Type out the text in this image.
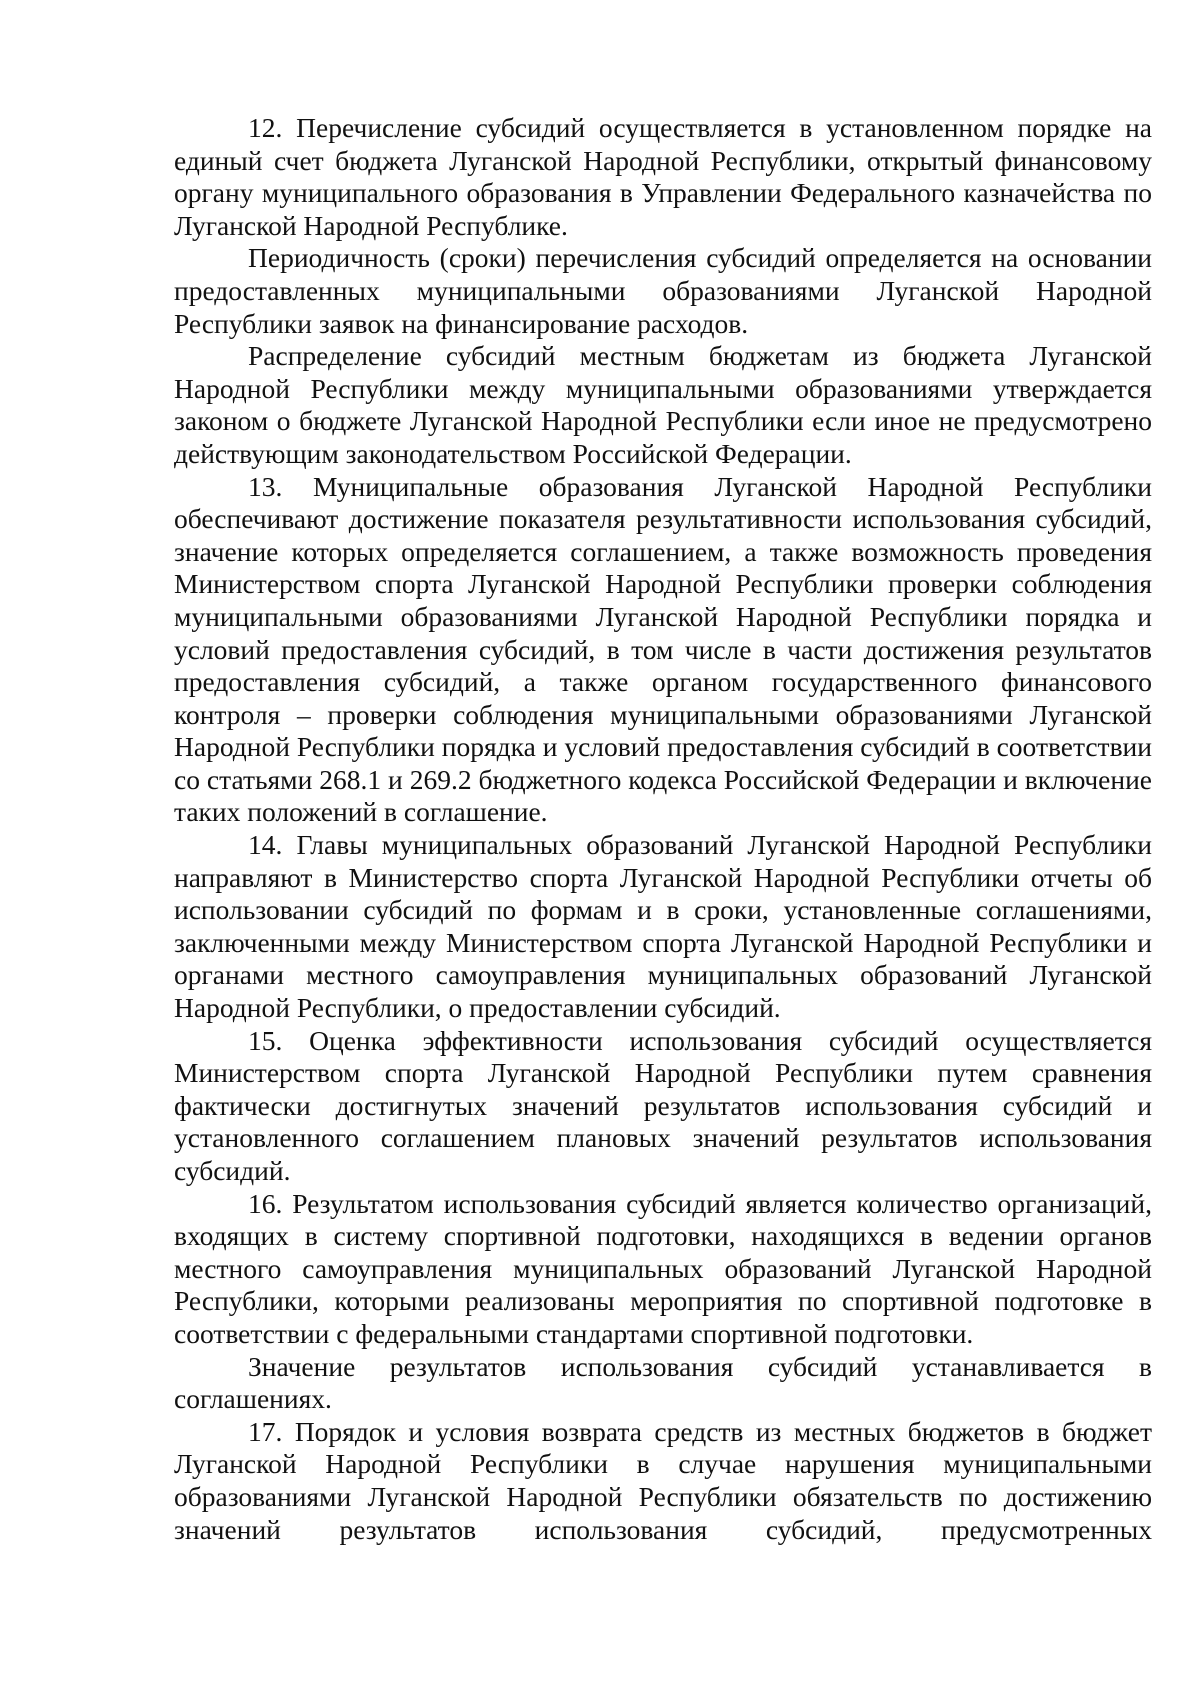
12. Перечисление субсидий осуществляется в установленном порядке на единый счет бюджета Луганской Народной Республики, открытый финансовому органу муниципального образования в Управлении Федерального казначейства по Луганской Народной Республике.

Периодичность (сроки) перечисления субсидий определяется на основании предоставленных муниципальными образованиями Луганской Народной Республики заявок на финансирование расходов.

Распределение субсидий местным бюджетам из бюджета Луганской Народной Республики между муниципальными образованиями утверждается законом о бюджете Луганской Народной Республики если иное не предусмотрено действующим законодательством Российской Федерации.

13. Муниципальные образования Луганской Народной Республики обеспечивают достижение показателя результативности использования субсидий, значение которых определяется соглашением, а также возможность проведения Министерством спорта Луганской Народной Республики проверки соблюдения муниципальными образованиями Луганской Народной Республики порядка и условий предоставления субсидий, в том числе в части достижения результатов предоставления субсидий, а также органом государственного финансового контроля – проверки соблюдения муниципальными образованиями Луганской Народной Республики порядка и условий предоставления субсидий в соответствии со статьями 268.1 и 269.2 бюджетного кодекса Российской Федерации и включение таких положений в соглашение.

14. Главы муниципальных образований Луганской Народной Республики направляют в Министерство спорта Луганской Народной Республики отчеты об использовании субсидий по формам и в сроки, установленные соглашениями, заключенными между Министерством спорта Луганской Народной Республики и органами местного самоуправления муниципальных образований Луганской Народной Республики, о предоставлении субсидий.

15. Оценка эффективности использования субсидий осуществляется Министерством спорта Луганской Народной Республики путем сравнения фактически достигнутых значений результатов использования субсидий и установленного соглашением плановых значений результатов использования субсидий.

16. Результатом использования субсидий является количество организаций, входящих в систему спортивной подготовки, находящихся в ведении органов местного самоуправления муниципальных образований Луганской Народной Республики, которыми реализованы мероприятия по спортивной подготовке в соответствии с федеральными стандартами спортивной подготовки.

Значение результатов использования субсидий устанавливается в соглашениях.

17. Порядок и условия возврата средств из местных бюджетов в бюджет Луганской Народной Республики в случае нарушения муниципальными образованиями Луганской Народной Республики обязательств по достижению значений результатов использования субсидий, предусмотренных
